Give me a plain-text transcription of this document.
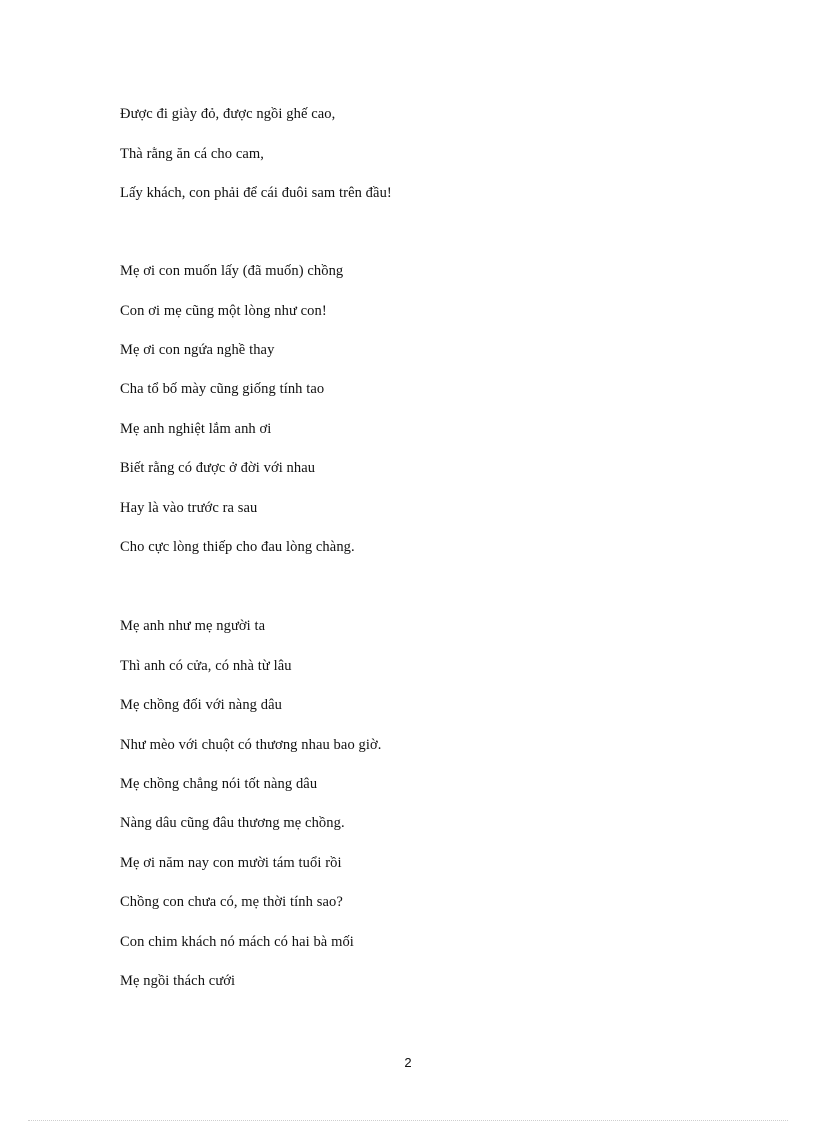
Được đi giày đỏ, được ngồi ghế cao,
Thà rằng ăn cá cho cam,
Lấy khách, con phải để cái đuôi sam trên đầu!
Mẹ ơi con muốn lấy (đã muốn) chồng
Con ơi mẹ cũng một lòng như con!
Mẹ ơi con ngứa nghề thay
Cha tổ bố mày cũng giống tính tao
Mẹ anh nghiệt lắm anh ơi
Biết rằng có được ở đời với nhau
Hay là vào trước ra sau
Cho cực lòng thiếp cho đau lòng chàng.
Mẹ anh như mẹ người ta
Thì anh có cửa, có nhà từ lâu
Mẹ chồng đối với nàng dâu
Như mèo với chuột có thương nhau bao giờ.
Mẹ chồng chẳng nói tốt nàng dâu
Nàng dâu cũng đâu thương mẹ chồng.
Mẹ ơi năm nay con mười tám tuổi rồi
Chồng con chưa có, mẹ thời tính sao?
Con chim khách nó mách có hai bà mối
Mẹ ngồi thách cưới
2
